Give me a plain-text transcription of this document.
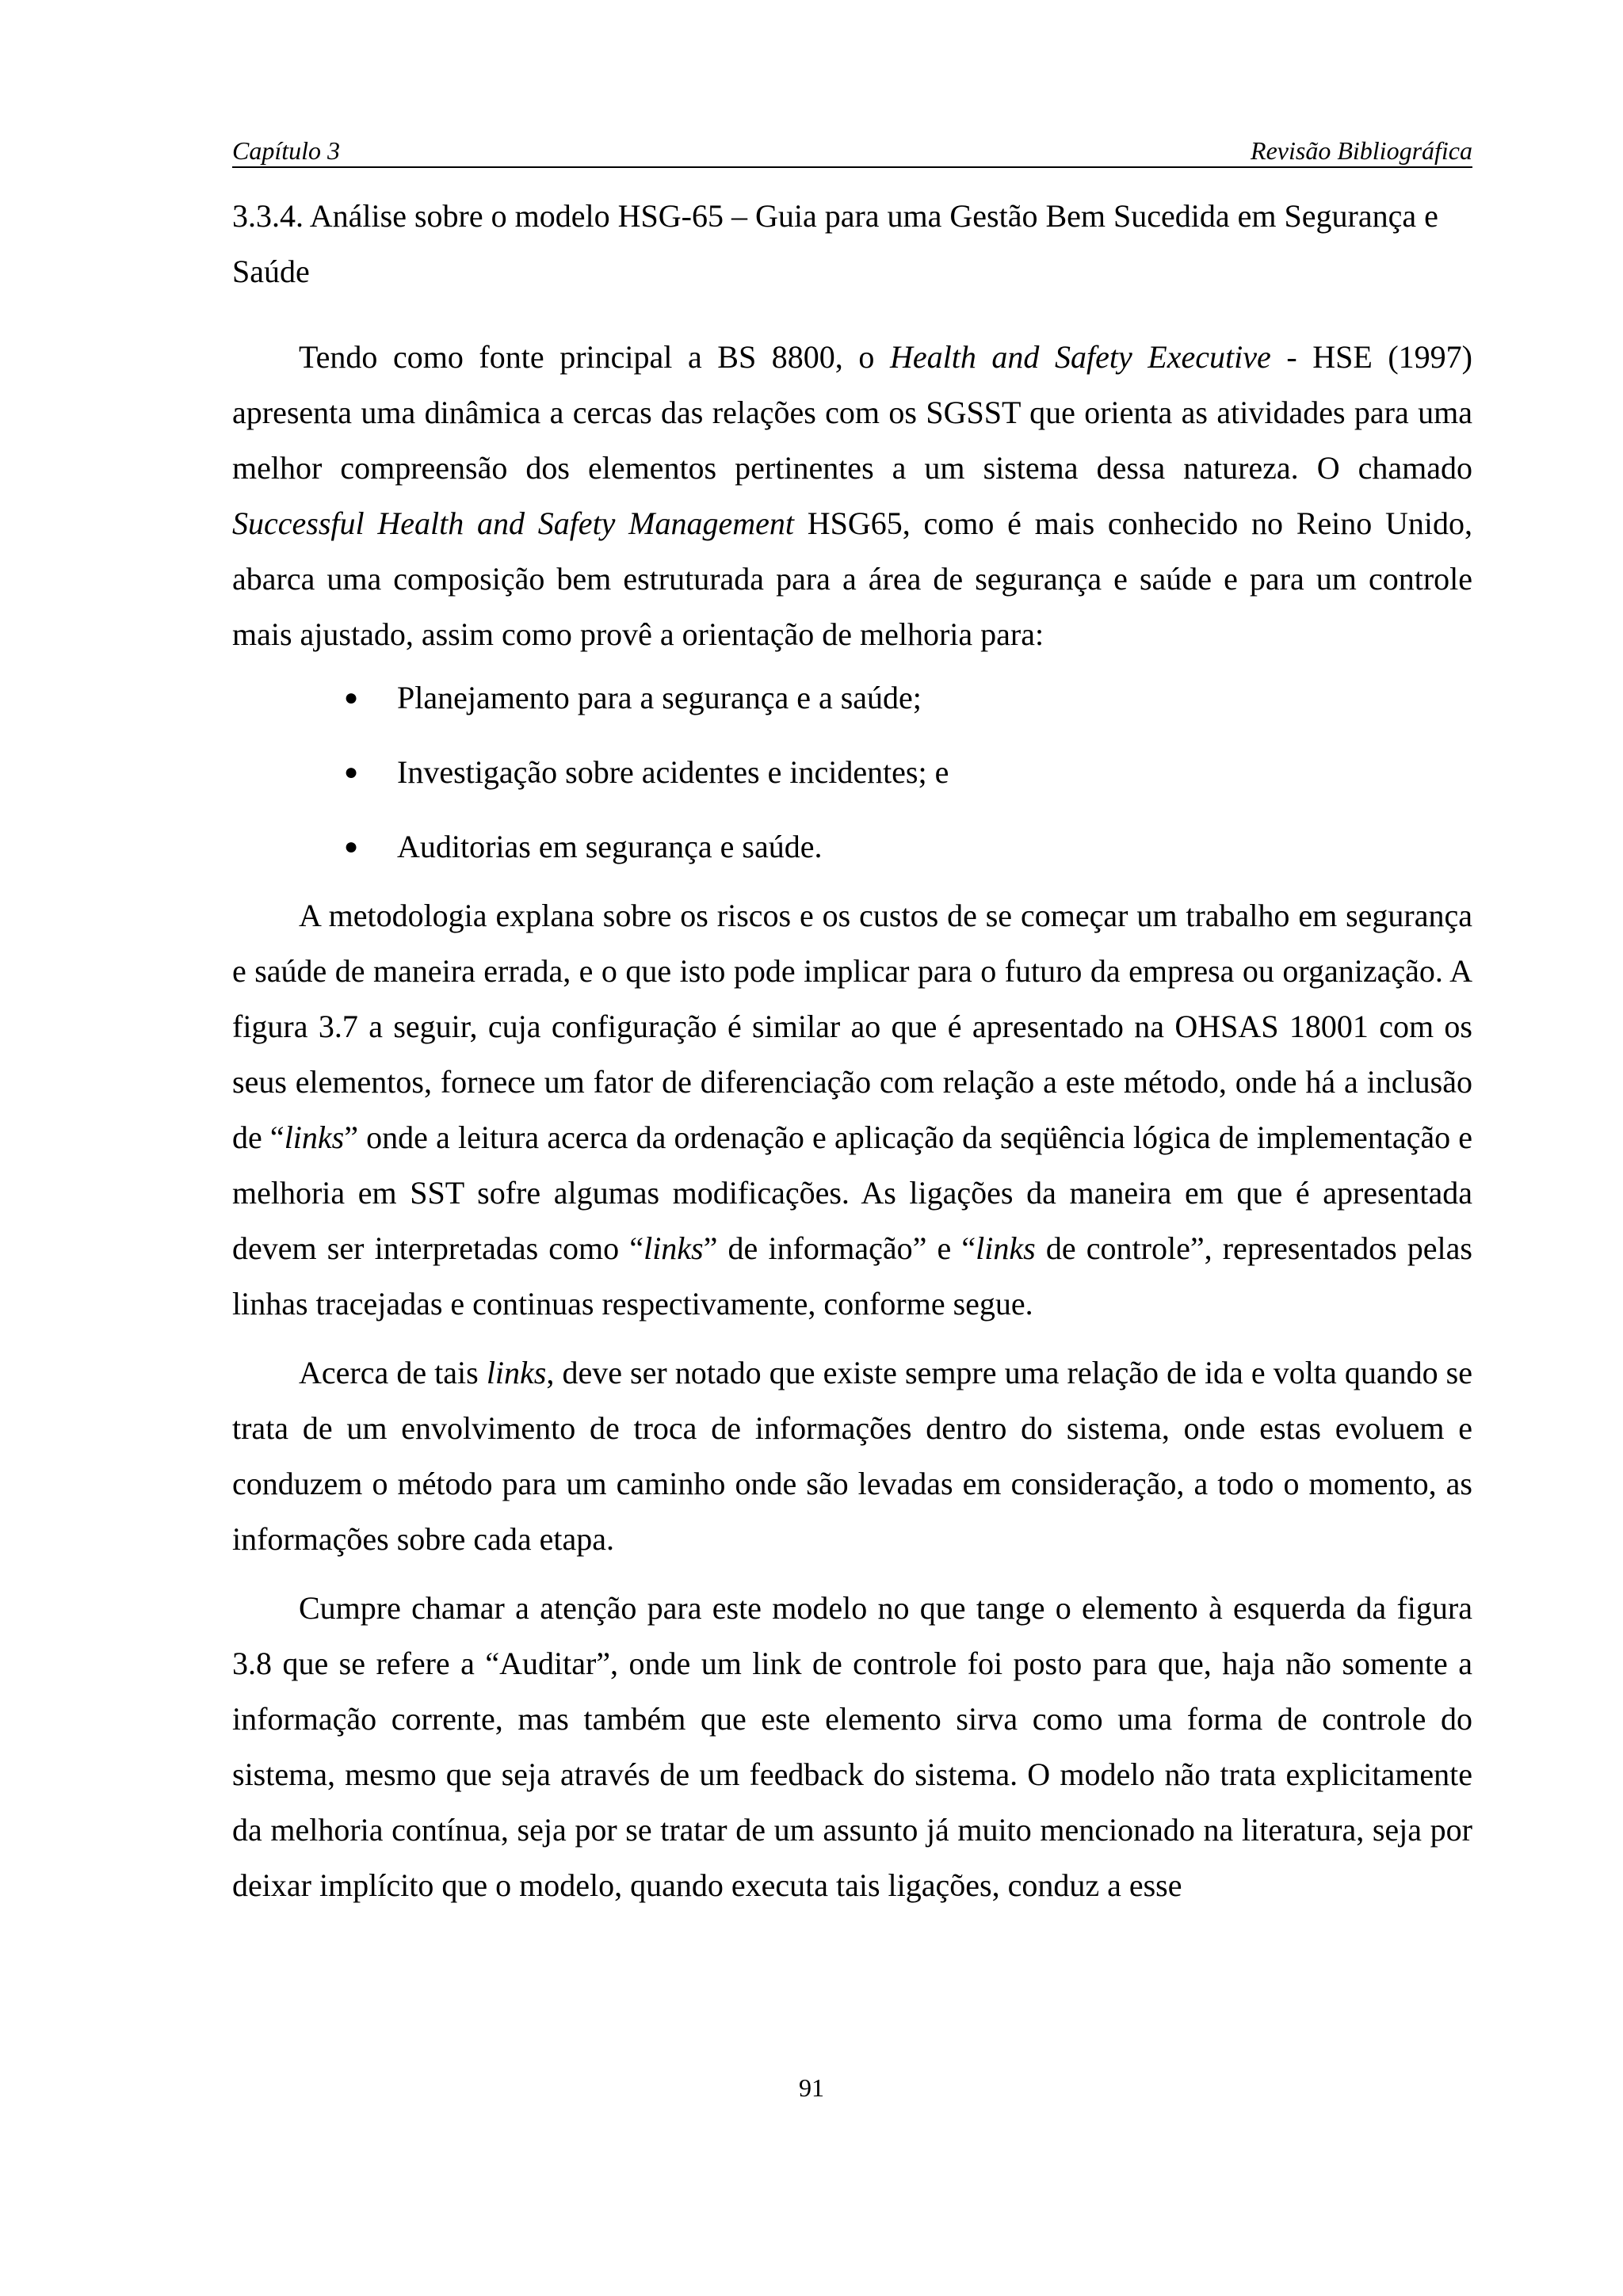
Capítulo 3	Revisão Bibliográfica

3.3.4. Análise sobre o modelo HSG-65 – Guia para uma Gestão Bem Sucedida em Segurança e Saúde

Tendo como fonte principal a BS 8800, o Health and Safety Executive - HSE (1997) apresenta uma dinâmica a cercas das relações com os SGSST que orienta as atividades para uma melhor compreensão dos elementos pertinentes a um sistema dessa natureza. O chamado Successful Health and Safety Management HSG65, como é mais conhecido no Reino Unido, abarca uma composição bem estruturada para a área de segurança e saúde e para um controle mais ajustado, assim como provê a orientação de melhoria para:

● Planejamento para a segurança e a saúde;
● Investigação sobre acidentes e incidentes; e
● Auditorias em segurança e saúde.

A metodologia explana sobre os riscos e os custos de se começar um trabalho em segurança e saúde de maneira errada, e o que isto pode implicar para o futuro da empresa ou organização. A figura 3.7 a seguir, cuja configuração é similar ao que é apresentado na OHSAS 18001 com os seus elementos, fornece um fator de diferenciação com relação a este método, onde há a inclusão de “links” onde a leitura acerca da ordenação e aplicação da seqüência lógica de implementação e melhoria em SST sofre algumas modificações. As ligações da maneira em que é apresentada devem ser interpretadas como “links” de informação” e “links de controle”, representados pelas linhas tracejadas e continuas respectivamente, conforme segue.

Acerca de tais links, deve ser notado que existe sempre uma relação de ida e volta quando se trata de um envolvimento de troca de informações dentro do sistema, onde estas evoluem e conduzem o método para um caminho onde são levadas em consideração, a todo o momento, as informações sobre cada etapa.

Cumpre chamar a atenção para este modelo no que tange o elemento à esquerda da figura 3.8 que se refere a “Auditar”, onde um link de controle foi posto para que, haja não somente a informação corrente, mas também que este elemento sirva como uma forma de controle do sistema, mesmo que seja através de um feedback do sistema. O modelo não trata explicitamente da melhoria contínua, seja por se tratar de um assunto já muito mencionado na literatura, seja por deixar implícito que o modelo, quando executa tais ligações, conduz a esse

91
